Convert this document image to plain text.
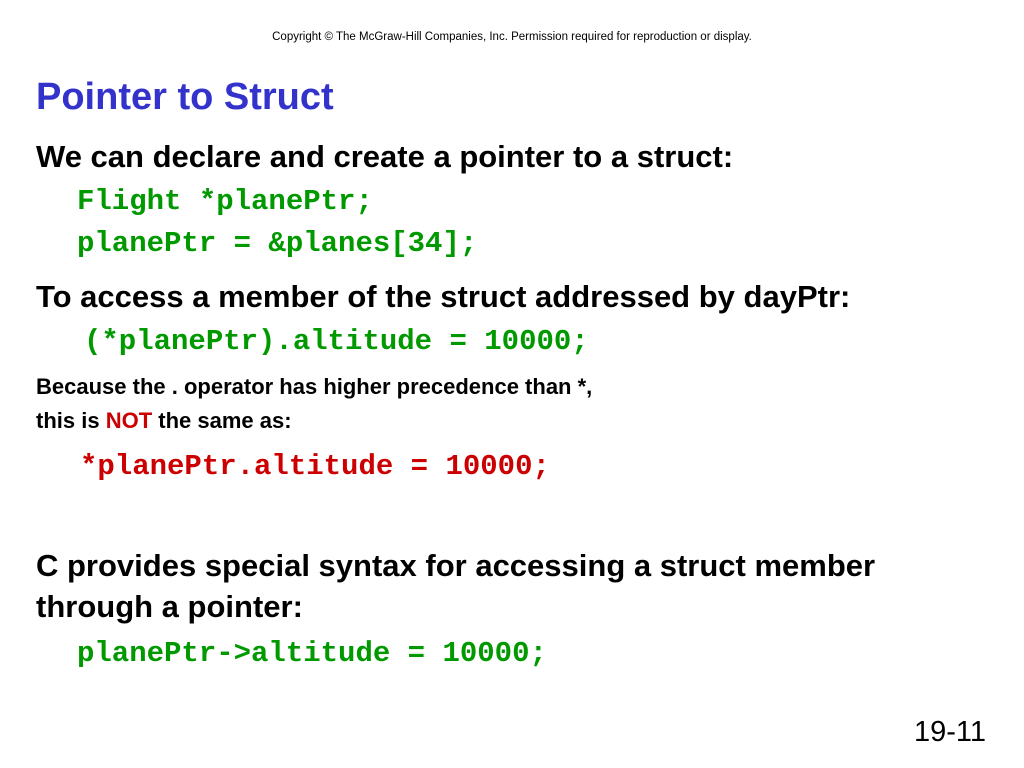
Copyright © The McGraw-Hill Companies, Inc. Permission required for reproduction or display.
Pointer to Struct
We can declare and create a pointer to a struct:
Flight *planePtr;
planePtr = &planes[34];
To access a member of the struct addressed by dayPtr:
(*planePtr).altitude = 10000;
Because the . operator has higher precedence than *,
this is NOT the same as:
*planePtr.altitude = 10000;
C provides special syntax for accessing a struct member
through a pointer:
planePtr->altitude = 10000;
19-11
